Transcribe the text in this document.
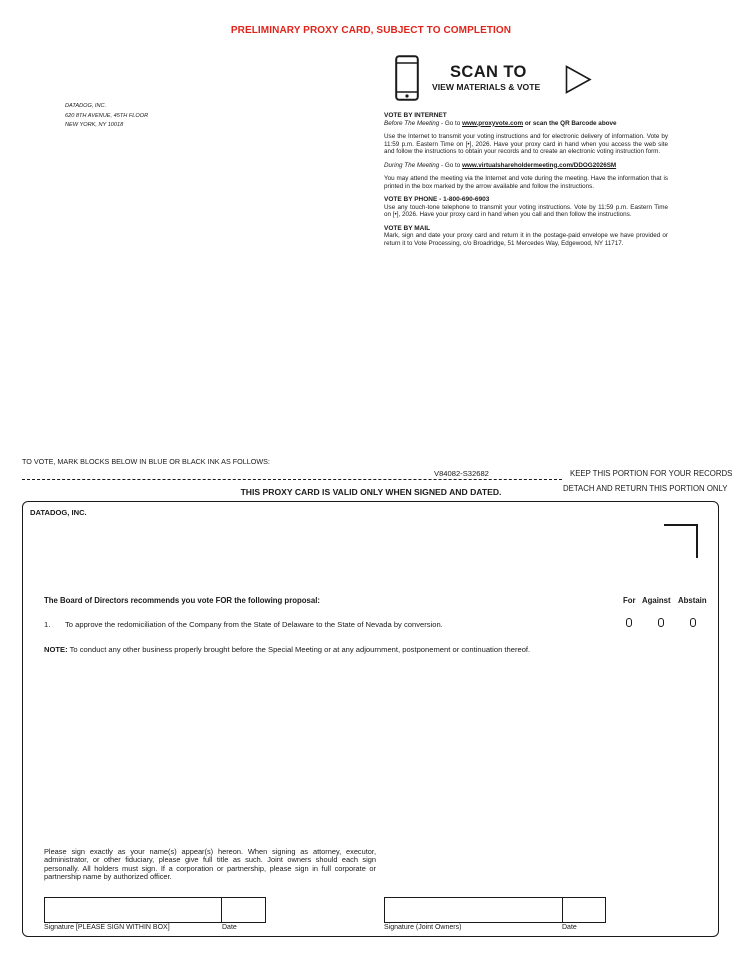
PRELIMINARY PROXY CARD, SUBJECT TO COMPLETION
DATADOG, INC.
620 8TH AVENUE, 45TH FLOOR
NEW YORK, NY 10018
SCAN TO
VIEW MATERIALS & VOTE
VOTE BY INTERNET
Before The Meeting - Go to www.proxyvote.com or scan the QR Barcode above
Use the Internet to transmit your voting instructions and for electronic delivery of information. Vote by 11:59 p.m. Eastern Time on [•], 2026. Have your proxy card in hand when you access the web site and follow the instructions to obtain your records and to create an electronic voting instruction form.
During The Meeting - Go to www.virtualshareholdermeeting.com/DDOG2026SM
You may attend the meeting via the Internet and vote during the meeting. Have the information that is printed in the box marked by the arrow available and follow the instructions.
VOTE BY PHONE - 1-800-690-6903
Use any touch-tone telephone to transmit your voting instructions. Vote by 11:59 p.m. Eastern Time on [•], 2026. Have your proxy card in hand when you call and then follow the instructions.
VOTE BY MAIL
Mark, sign and date your proxy card and return it in the postage-paid envelope we have provided or return it to Vote Processing, c/o Broadridge, 51 Mercedes Way, Edgewood, NY 11717.
TO VOTE, MARK BLOCKS BELOW IN BLUE OR BLACK INK AS FOLLOWS:
V84082-S32682	KEEP THIS PORTION FOR YOUR RECORDS
DETACH AND RETURN THIS PORTION ONLY
THIS PROXY CARD IS VALID ONLY WHEN SIGNED AND DATED.
DATADOG, INC.
The Board of Directors recommends you vote FOR the following proposal:	For Against Abstain
1. To approve the redomiciliation of the Company from the State of Delaware to the State of Nevada by conversion.
NOTE: To conduct any other business properly brought before the Special Meeting or at any adjournment, postponement or continuation thereof.
Please sign exactly as your name(s) appear(s) hereon. When signing as attorney, executor, administrator, or other fiduciary, please give full title as such. Joint owners should each sign personally. All holders must sign. If a corporation or partnership, please sign in full corporate or partnership name by authorized officer.
Signature [PLEASE SIGN WITHIN BOX]	Date	Signature (Joint Owners)	Date
